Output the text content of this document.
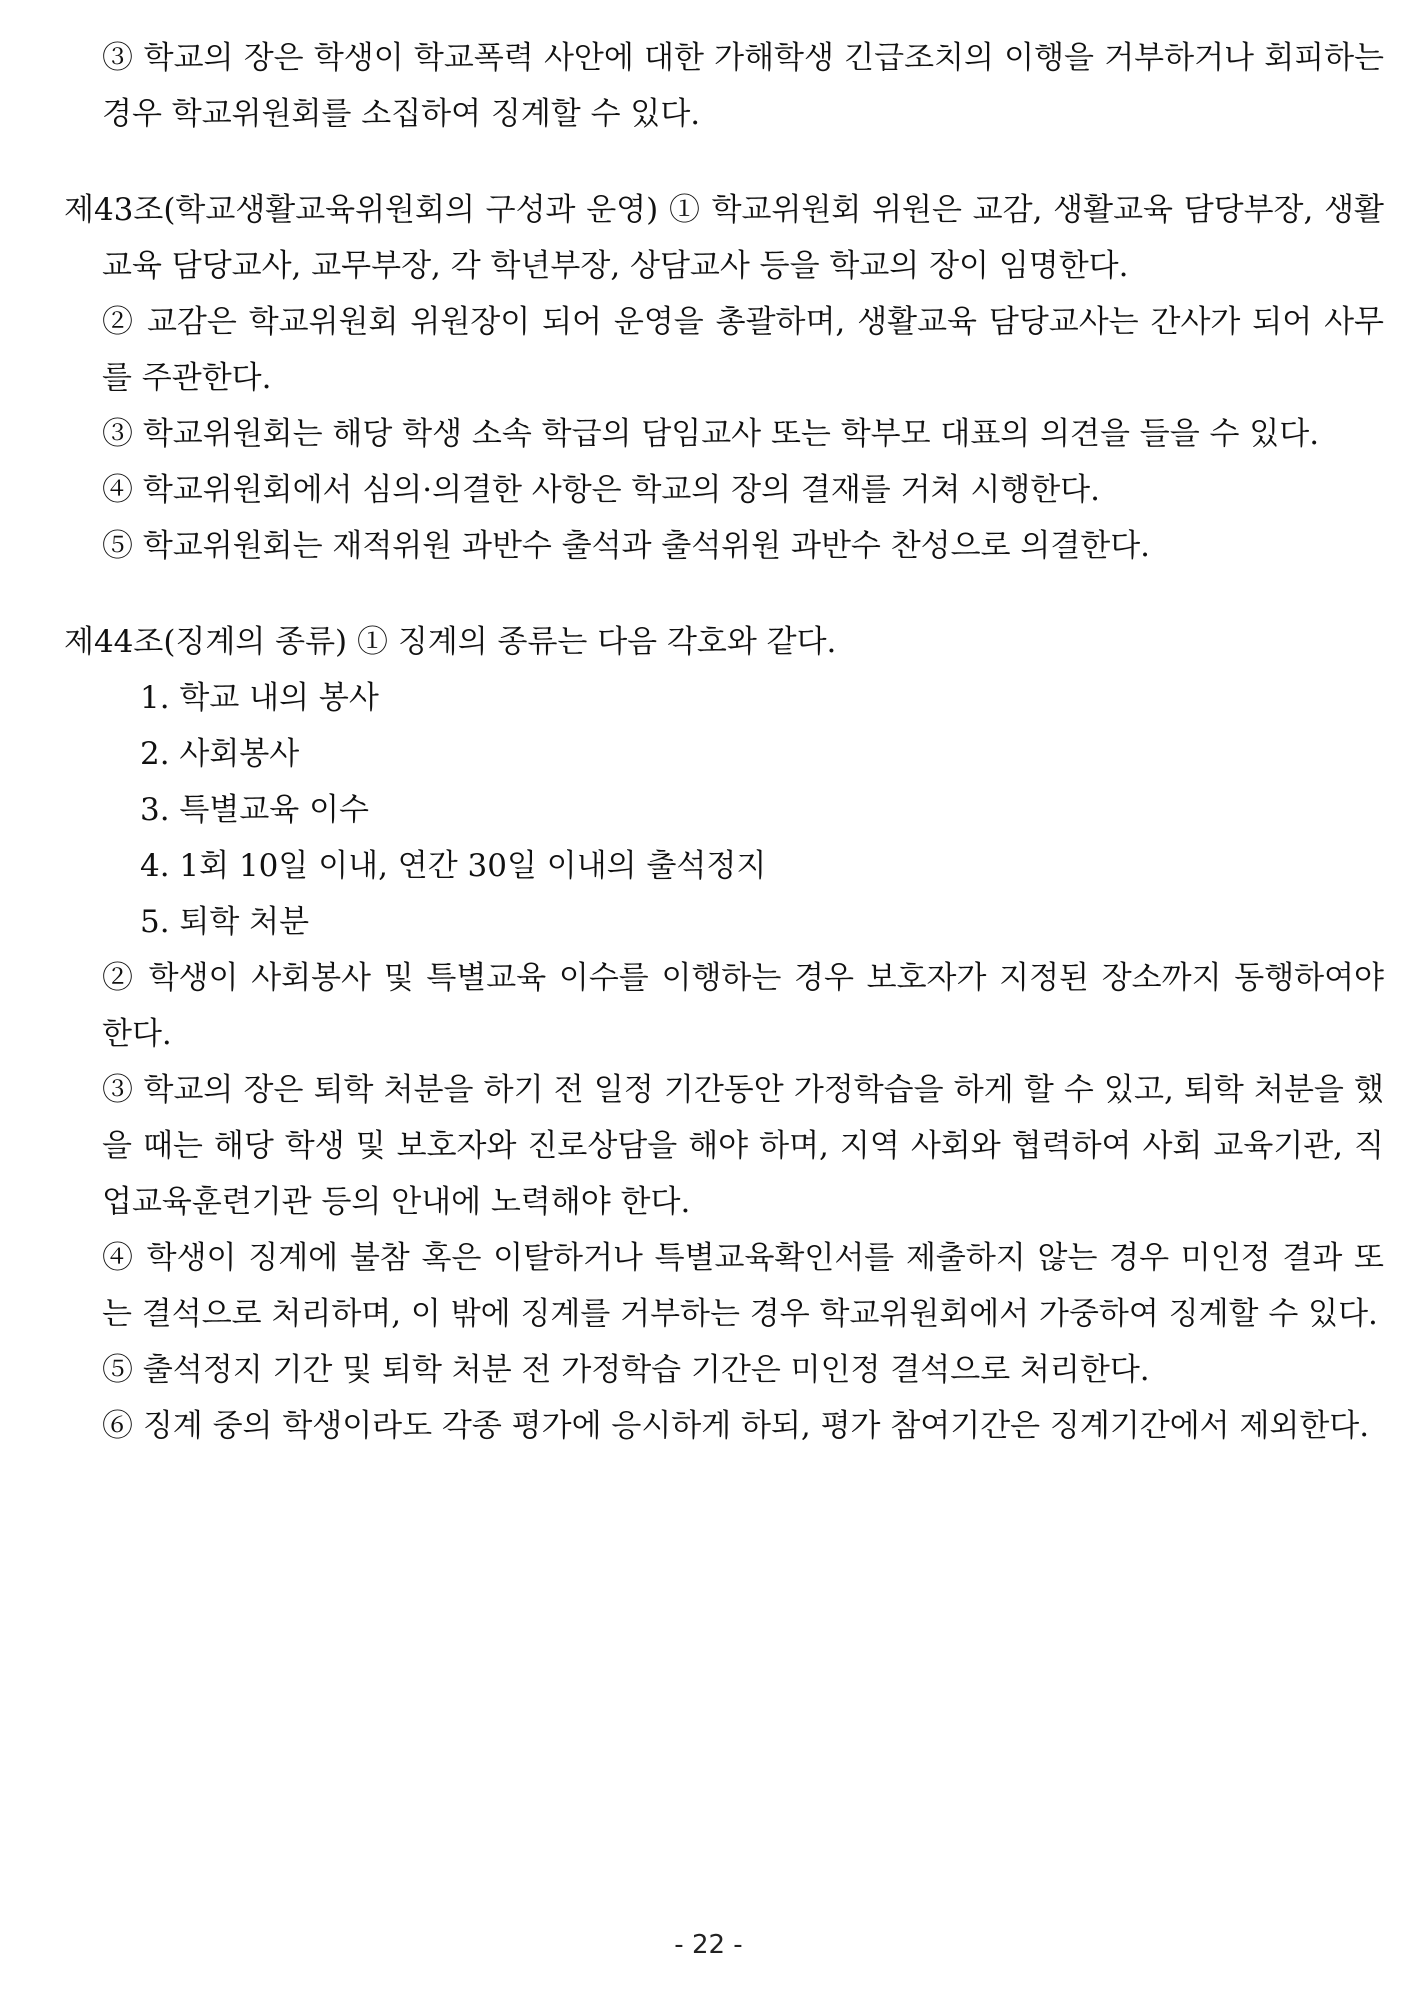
③ 학교의 장은 학생이 학교폭력 사안에 대한 가해학생 긴급조치의 이행을 거부하거나 회피하는 경우 학교위원회를 소집하여 징계할 수 있다.

제43조(학교생활교육위원회의 구성과 운영) ① 학교위원회 위원은 교감, 생활교육 담당부장, 생활교육 담당교사, 교무부장, 각 학년부장, 상담교사 등을 학교의 장이 임명한다.

② 교감은 학교위원회 위원장이 되어 운영을 총괄하며, 생활교육 담당교사는 간사가 되어 사무를 주관한다.

③ 학교위원회는 해당 학생 소속 학급의 담임교사 또는 학부모 대표의 의견을 들을 수 있다.

④ 학교위원회에서 심의·의결한 사항은 학교의 장의 결재를 거쳐 시행한다.

⑤ 학교위원회는 재적위원 과반수 출석과 출석위원 과반수 찬성으로 의결한다.

제44조(징계의 종류) ① 징계의 종류는 다음 각호와 같다.

1. 학교 내의 봉사

2. 사회봉사

3. 특별교육 이수

4. 1회 10일 이내, 연간 30일 이내의 출석정지

5. 퇴학 처분

② 학생이 사회봉사 및 특별교육 이수를 이행하는 경우 보호자가 지정된 장소까지 동행하여야 한다.

③ 학교의 장은 퇴학 처분을 하기 전 일정 기간동안 가정학습을 하게 할 수 있고, 퇴학 처분을 했을 때는 해당 학생 및 보호자와 진로상담을 해야 하며, 지역 사회와 협력하여 사회 교육기관, 직업교육훈련기관 등의 안내에 노력해야 한다.

④ 학생이 징계에 불참 혹은 이탈하거나 특별교육확인서를 제출하지 않는 경우 미인정 결과 또는 결석으로 처리하며, 이 밖에 징계를 거부하는 경우 학교위원회에서 가중하여 징계할 수 있다.

⑤ 출석정지 기간 및 퇴학 처분 전 가정학습 기간은 미인정 결석으로 처리한다.

⑥ 징계 중의 학생이라도 각종 평가에 응시하게 하되, 평가 참여기간은 징계기간에서 제외한다.

- 22 -
